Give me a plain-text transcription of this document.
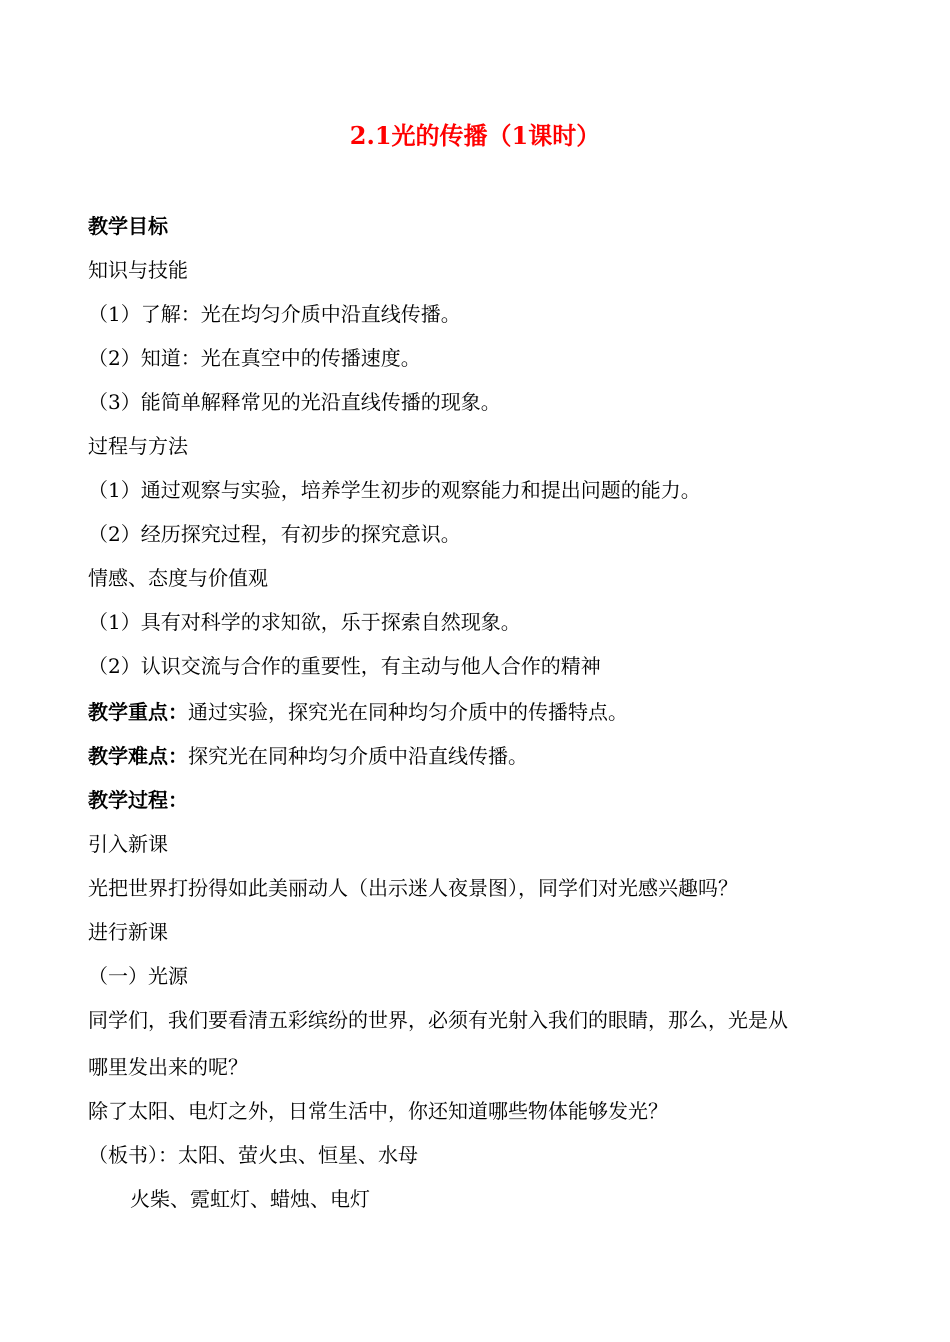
2.1光的传播（1课时）
教学目标
知识与技能
（1）了解：光在均匀介质中沿直线传播。
（2）知道：光在真空中的传播速度。
（3）能简单解释常见的光沿直线传播的现象。
过程与方法
（1）通过观察与实验，培养学生初步的观察能力和提出问题的能力。
（2）经历探究过程，有初步的探究意识。
情感、态度与价值观
（1）具有对科学的求知欲，乐于探索自然现象。
（2）认识交流与合作的重要性，有主动与他人合作的精神
教学重点：通过实验，探究光在同种均匀介质中的传播特点。
教学难点：探究光在同种均匀介质中沿直线传播。
教学过程：
引入新课
光把世界打扮得如此美丽动人（出示迷人夜景图），同学们对光感兴趣吗？
进行新课
（一）光源
同学们，我们要看清五彩缤纷的世界，必须有光射入我们的眼睛，那么，光是从
哪里发出来的呢？
除了太阳、电灯之外，日常生活中，你还知道哪些物体能够发光？
（板书）：太阳、萤火虫、恒星、水母
火柴、霓虹灯、蜡烛、电灯
